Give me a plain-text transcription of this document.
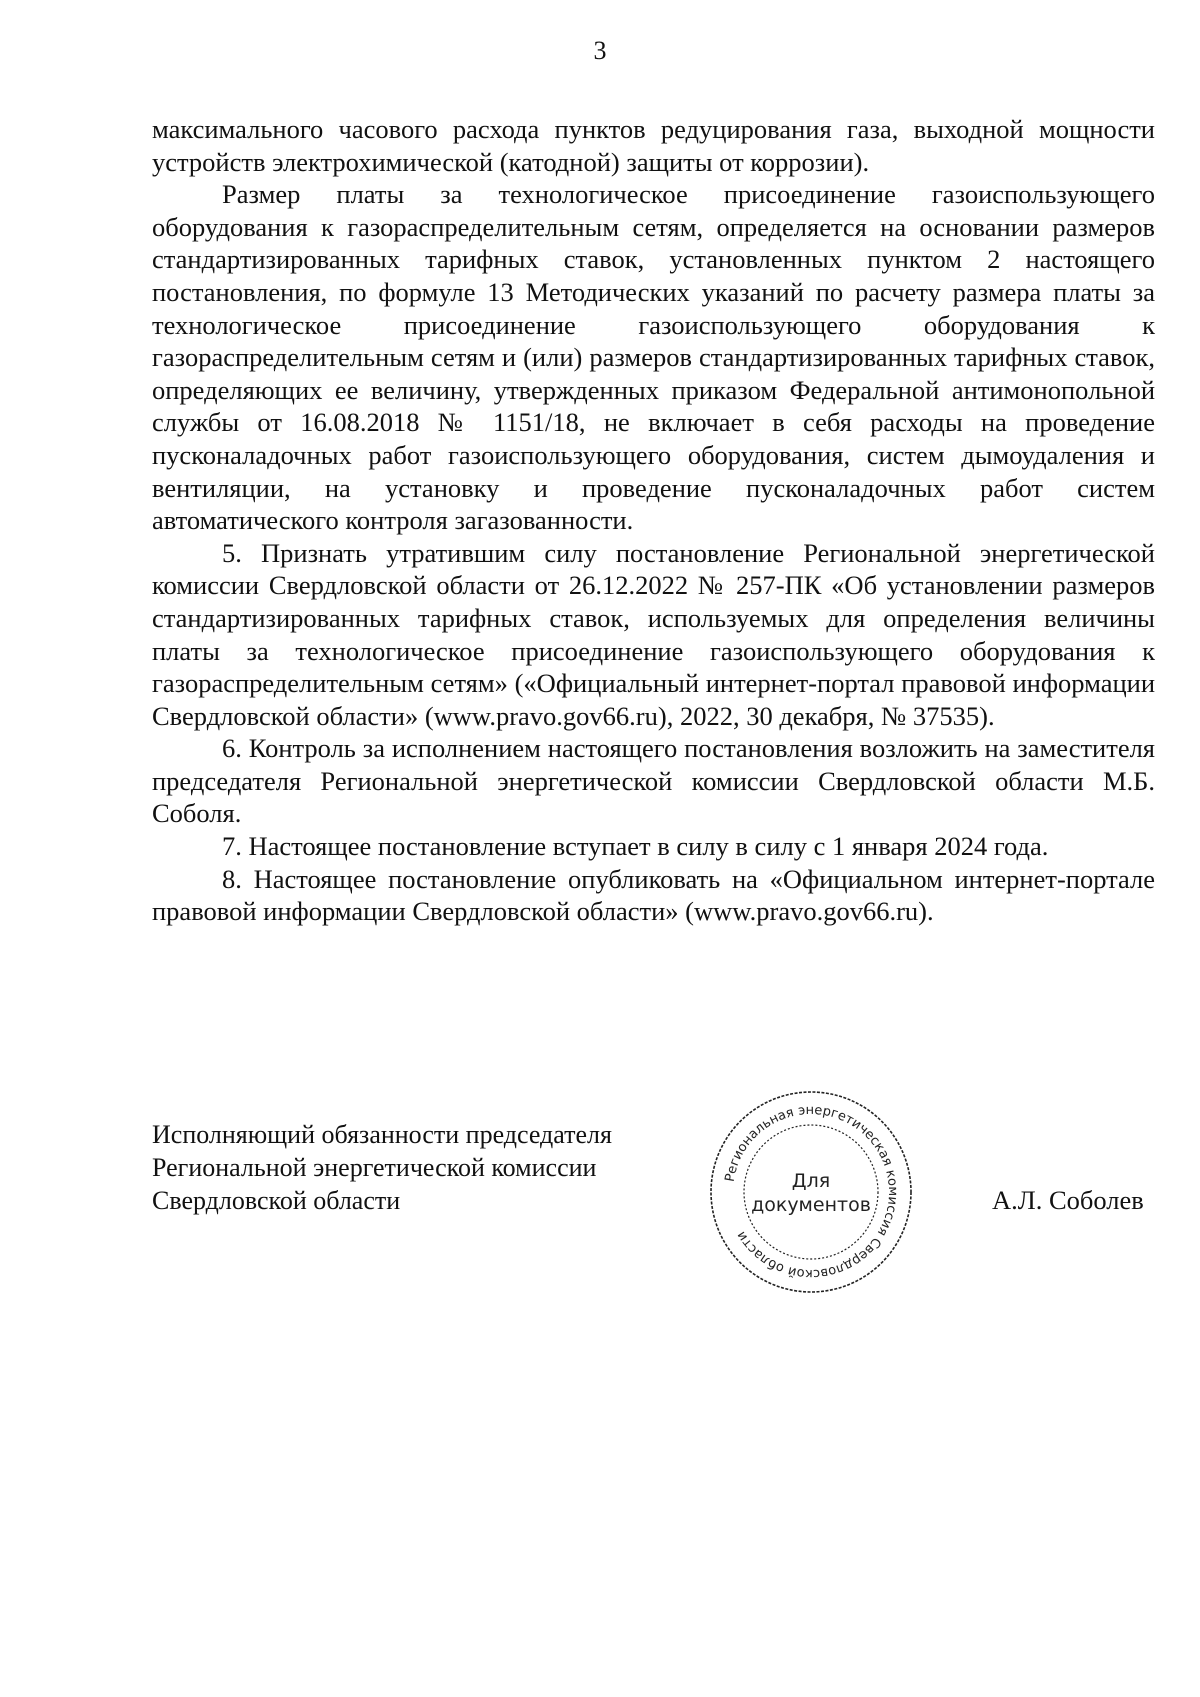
3

максимального часового расхода пунктов редуцирования газа, выходной мощности устройств электрохимической (катодной) защиты от коррозии).

Размер платы за технологическое присоединение газоиспользующего оборудования к газораспределительным сетям, определяется на основании размеров стандартизированных тарифных ставок, установленных пунктом 2 настоящего постановления, по формуле 13 Методических указаний по расчету размера платы за технологическое присоединение газоиспользующего оборудования к газораспределительным сетям и (или) размеров стандартизированных тарифных ставок, определяющих ее величину, утвержденных приказом Федеральной антимонопольной службы от 16.08.2018 № 1151/18, не включает в себя расходы на проведение пусконаладочных работ газоиспользующего оборудования, систем дымоудаления и вентиляции, на установку и проведение пусконаладочных работ систем автоматического контроля загазованности.

5. Признать утратившим силу постановление Региональной энергетической комиссии Свердловской области от 26.12.2022 № 257-ПК «Об установлении размеров стандартизированных тарифных ставок, используемых для определения величины платы за технологическое присоединение газоиспользующего оборудования к газораспределительным сетям» («Официальный интернет-портал правовой информации Свердловской области» (www.pravo.gov66.ru), 2022, 30 декабря, № 37535).

6. Контроль за исполнением настоящего постановления возложить на заместителя председателя Региональной энергетической комиссии Свердловской области М.Б. Соболя.

7. Настоящее постановление вступает в силу в силу с 1 января 2024 года.

8. Настоящее постановление опубликовать на «Официальном интернет-портале правовой информации Свердловской области» (www.pravo.gov66.ru).

Исполняющий обязанности председателя
Региональной энергетической комиссии
Свердловской области
Региональная энергетическая комиссия Свердловской области
Для
документов	А.Л. Соболев
